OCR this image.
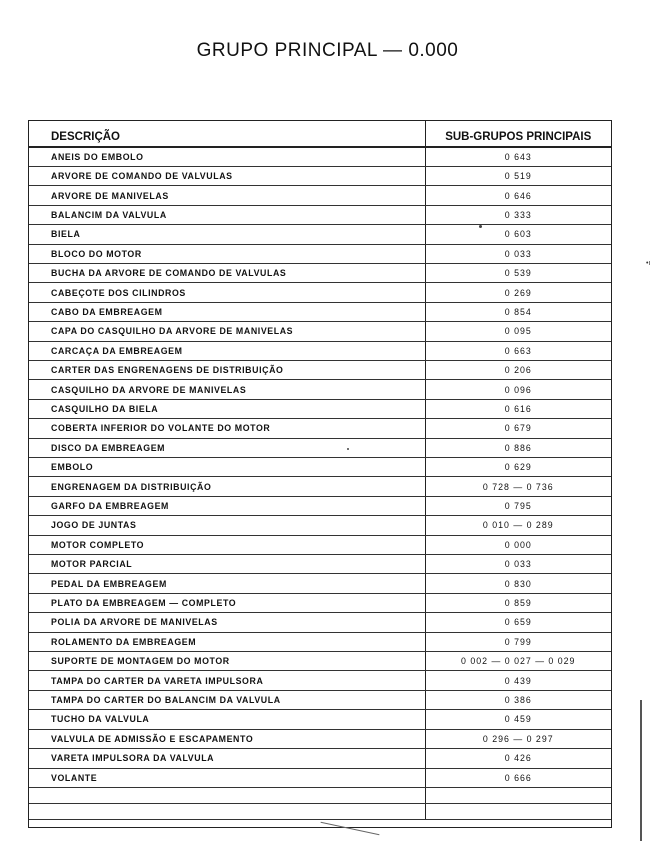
GRUPO PRINCIPAL — 0.000
DESCRIÇÃO	SUB-GRUPOS PRINCIPAIS
ANEIS DO EMBOLO	0 643
ARVORE DE COMANDO DE VALVULAS	0 519
ARVORE DE MANIVELAS	0 646
BALANCIM DA VALVULA	0 333
BIELA	0 603
BLOCO DO MOTOR	0 033
BUCHA DA ARVORE DE COMANDO DE VALVULAS	0 539
CABEÇOTE DOS CILINDROS	0 269
CABO DA EMBREAGEM	0 854
CAPA DO CASQUILHO DA ARVORE DE MANIVELAS	0 095
CARCAÇA DA EMBREAGEM	0 663
CARTER DAS ENGRENAGENS DE DISTRIBUIÇÃO	0 206
CASQUILHO DA ARVORE DE MANIVELAS	0 096
CASQUILHO DA BIELA	0 616
COBERTA INFERIOR DO VOLANTE DO MOTOR	0 679
DISCO DA EMBREAGEM	0 886
EMBOLO	0 629
ENGRENAGEM DA DISTRIBUIÇÃO	0 728 — 0 736
GARFO DA EMBREAGEM	0 795
JOGO DE JUNTAS	0 010 — 0 289
MOTOR COMPLETO	0 000
MOTOR PARCIAL	0 033
PEDAL DA EMBREAGEM	0 830
PLATO DA EMBREAGEM — COMPLETO	0 859
POLIA DA ARVORE DE MANIVELAS	0 659
ROLAMENTO DA EMBREAGEM	0 799
SUPORTE DE MONTAGEM DO MOTOR	0 002 — 0 027 — 0 029
TAMPA DO CARTER DA VARETA IMPULSORA	0 439
TAMPA DO CARTER DO BALANCIM DA VALVULA	0 386
TUCHO DA VALVULA	0 459
VALVULA DE ADMISSÃO E ESCAPAMENTO	0 296 — 0 297
VARETA IMPULSORA DA VALVULA	0 426
VOLANTE	0 666

•ı
